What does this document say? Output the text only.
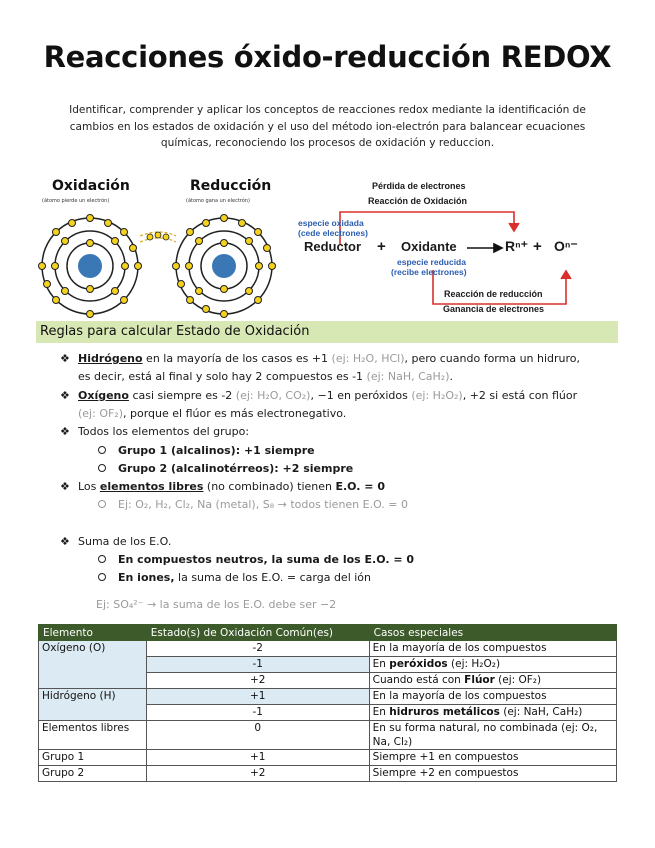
Reacciones óxido-reducción REDOX
Identificar, comprender y aplicar los conceptos de reacciones redox mediante la identificación de cambios en los estados de oxidación y el uso del método ion-electrón para balancear ecuaciones químicas, reconociendo los procesos de oxidación y reduccion.
Oxidación
(átomo pierde un electrón)
Reducción
(átomo gana un electrón)
Pérdida de electrones
Reacción de Oxidación
especie oxidada
(cede electrones)
Reductor + Oxidante	Rⁿ⁺ + Oⁿ⁻
especie reducida
(recibe electrones)
Reacción de reducción
Ganancia de electrones
Reglas para calcular Estado de Oxidación
❖ Hidrógeno en la mayoría de los casos es +1 (ej: H₂O, HCl), pero cuando forma un hidruro,
es decir, está al final y solo hay 2 compuestos es -1 (ej: NaH, CaH₂).
❖ Oxígeno casi siempre es -2 (ej: H₂O, CO₂), −1 en peróxidos (ej: H₂O₂), +2 si está con flúor
(ej: OF₂), porque el flúor es más electronegativo.
❖ Todos los elementos del grupo:
Grupo 1 (alcalinos): +1 siempre
Grupo 2 (alcalinotérreos): +2 siempre
❖ Los elementos libres (no combinado) tienen E.O. = 0
Ej: O₂, H₂, Cl₂, Na (metal), S₈ → todos tienen E.O. = 0
❖ Suma de los E.O.
En compuestos neutros, la suma de los E.O. = 0
En iones, la suma de los E.O. = carga del ión
Ej: SO₄²⁻ → la suma de los E.O. debe ser −2
Elemento	Estado(s) de Oxidación Común(es)	Casos especiales
Oxígeno (O)	-2	En la mayoría de los compuestos
	-1	En peróxidos (ej: H₂O₂)
	+2	Cuando está con Flúor (ej: OF₂)
Hidrógeno (H)	+1	En la mayoría de los compuestos
	-1	En hidruros metálicos (ej: NaH, CaH₂)
Elementos libres	0	En su forma natural, no combinada (ej: O₂, Na, Cl₂)
Grupo 1	+1	Siempre +1 en compuestos
Grupo 2	+2	Siempre +2 en compuestos
